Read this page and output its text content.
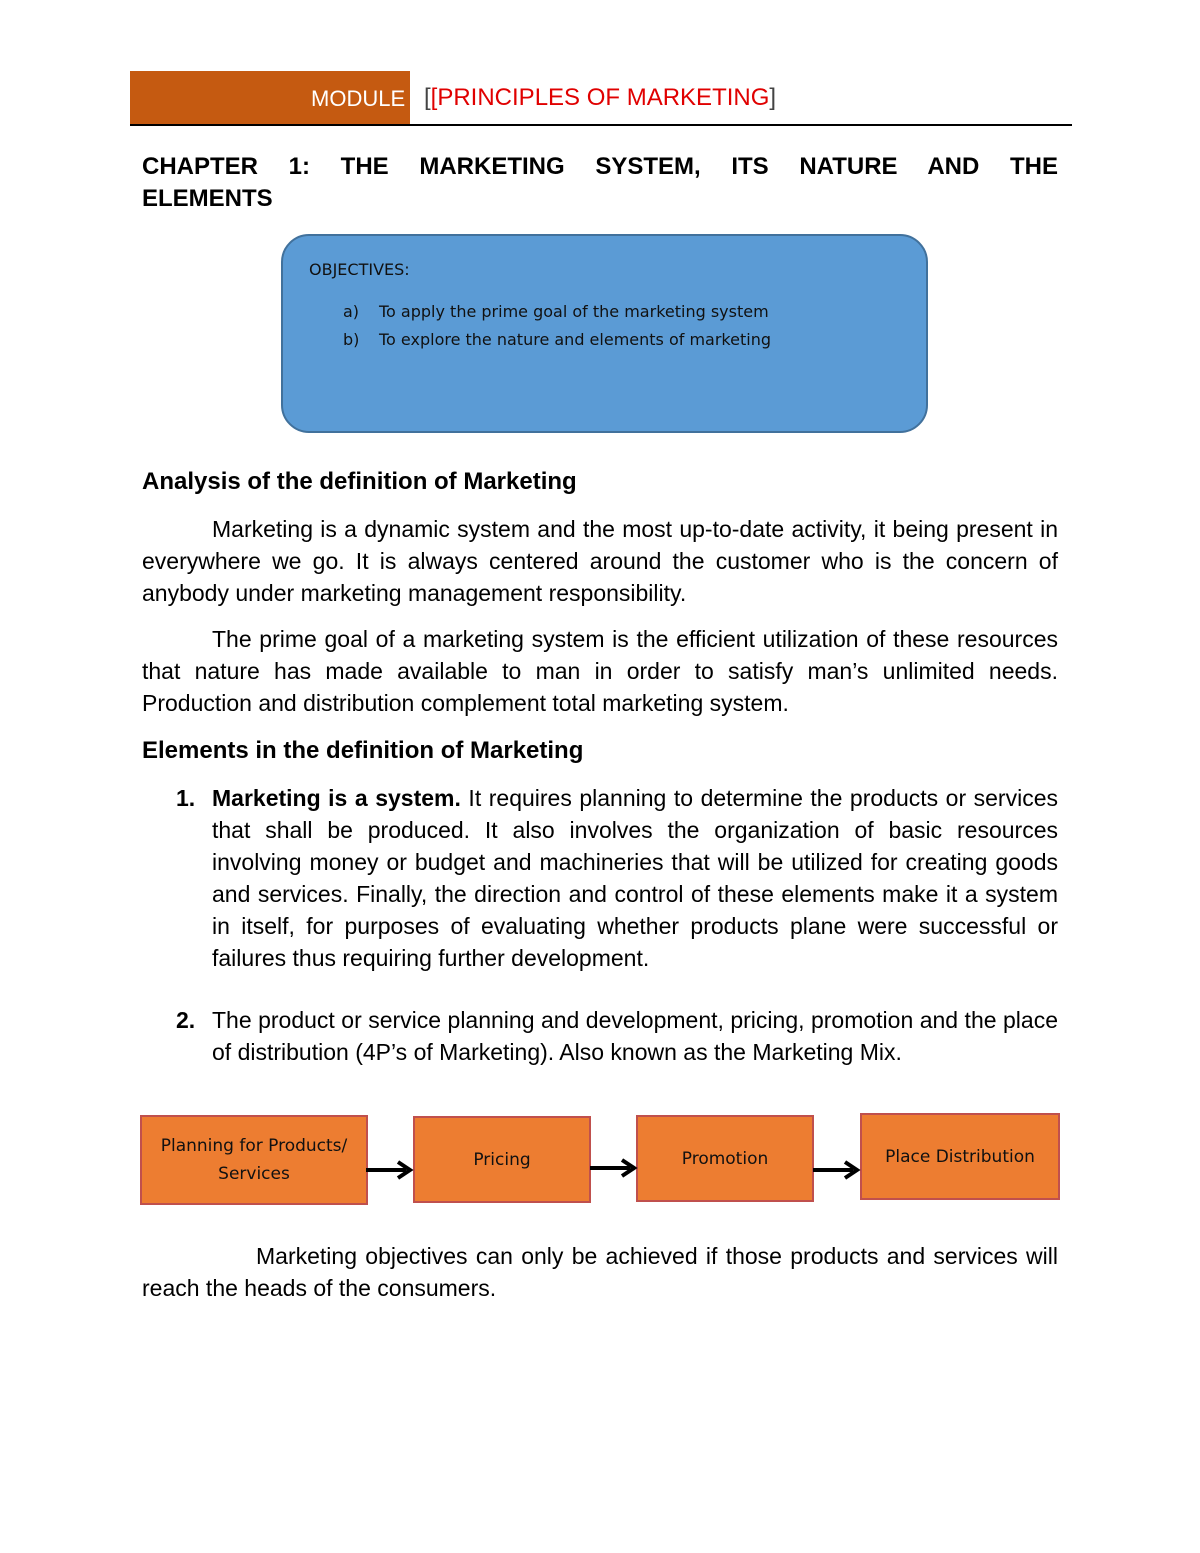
MODULE [[PRINCIPLES OF MARKETING]
CHAPTER 1: THE MARKETING SYSTEM, ITS NATURE AND THE
ELEMENTS
OBJECTIVES:
a)	To apply the prime goal of the marketing system
b)	To explore the nature and elements of marketing
Analysis of the definition of Marketing

Marketing is a dynamic system and the most up-to-date activity, it being present in everywhere we go. It is always centered around the customer who is the concern of anybody under marketing management responsibility.

The prime goal of a marketing system is the efficient utilization of these resources that nature has made available to man in order to satisfy man’s unlimited needs. Production and distribution complement total marketing system.

Elements in the definition of Marketing
1. Marketing is a system. It requires planning to determine the products or services that shall be produced. It also involves the organization of basic resources involving money or budget and machineries that will be utilized for creating goods and services. Finally, the direction and control of these elements make it a system in itself, for purposes of evaluating whether products plane were successful or failures thus requiring further development.
2. The product or service planning and development, pricing, promotion and the place of distribution (4P’s of Marketing). Also known as the Marketing Mix.
Planning for Products/ Services
Pricing	Promotion	Place Distribution
Marketing objectives can only be achieved if those products and services will reach the heads of the consumers.
